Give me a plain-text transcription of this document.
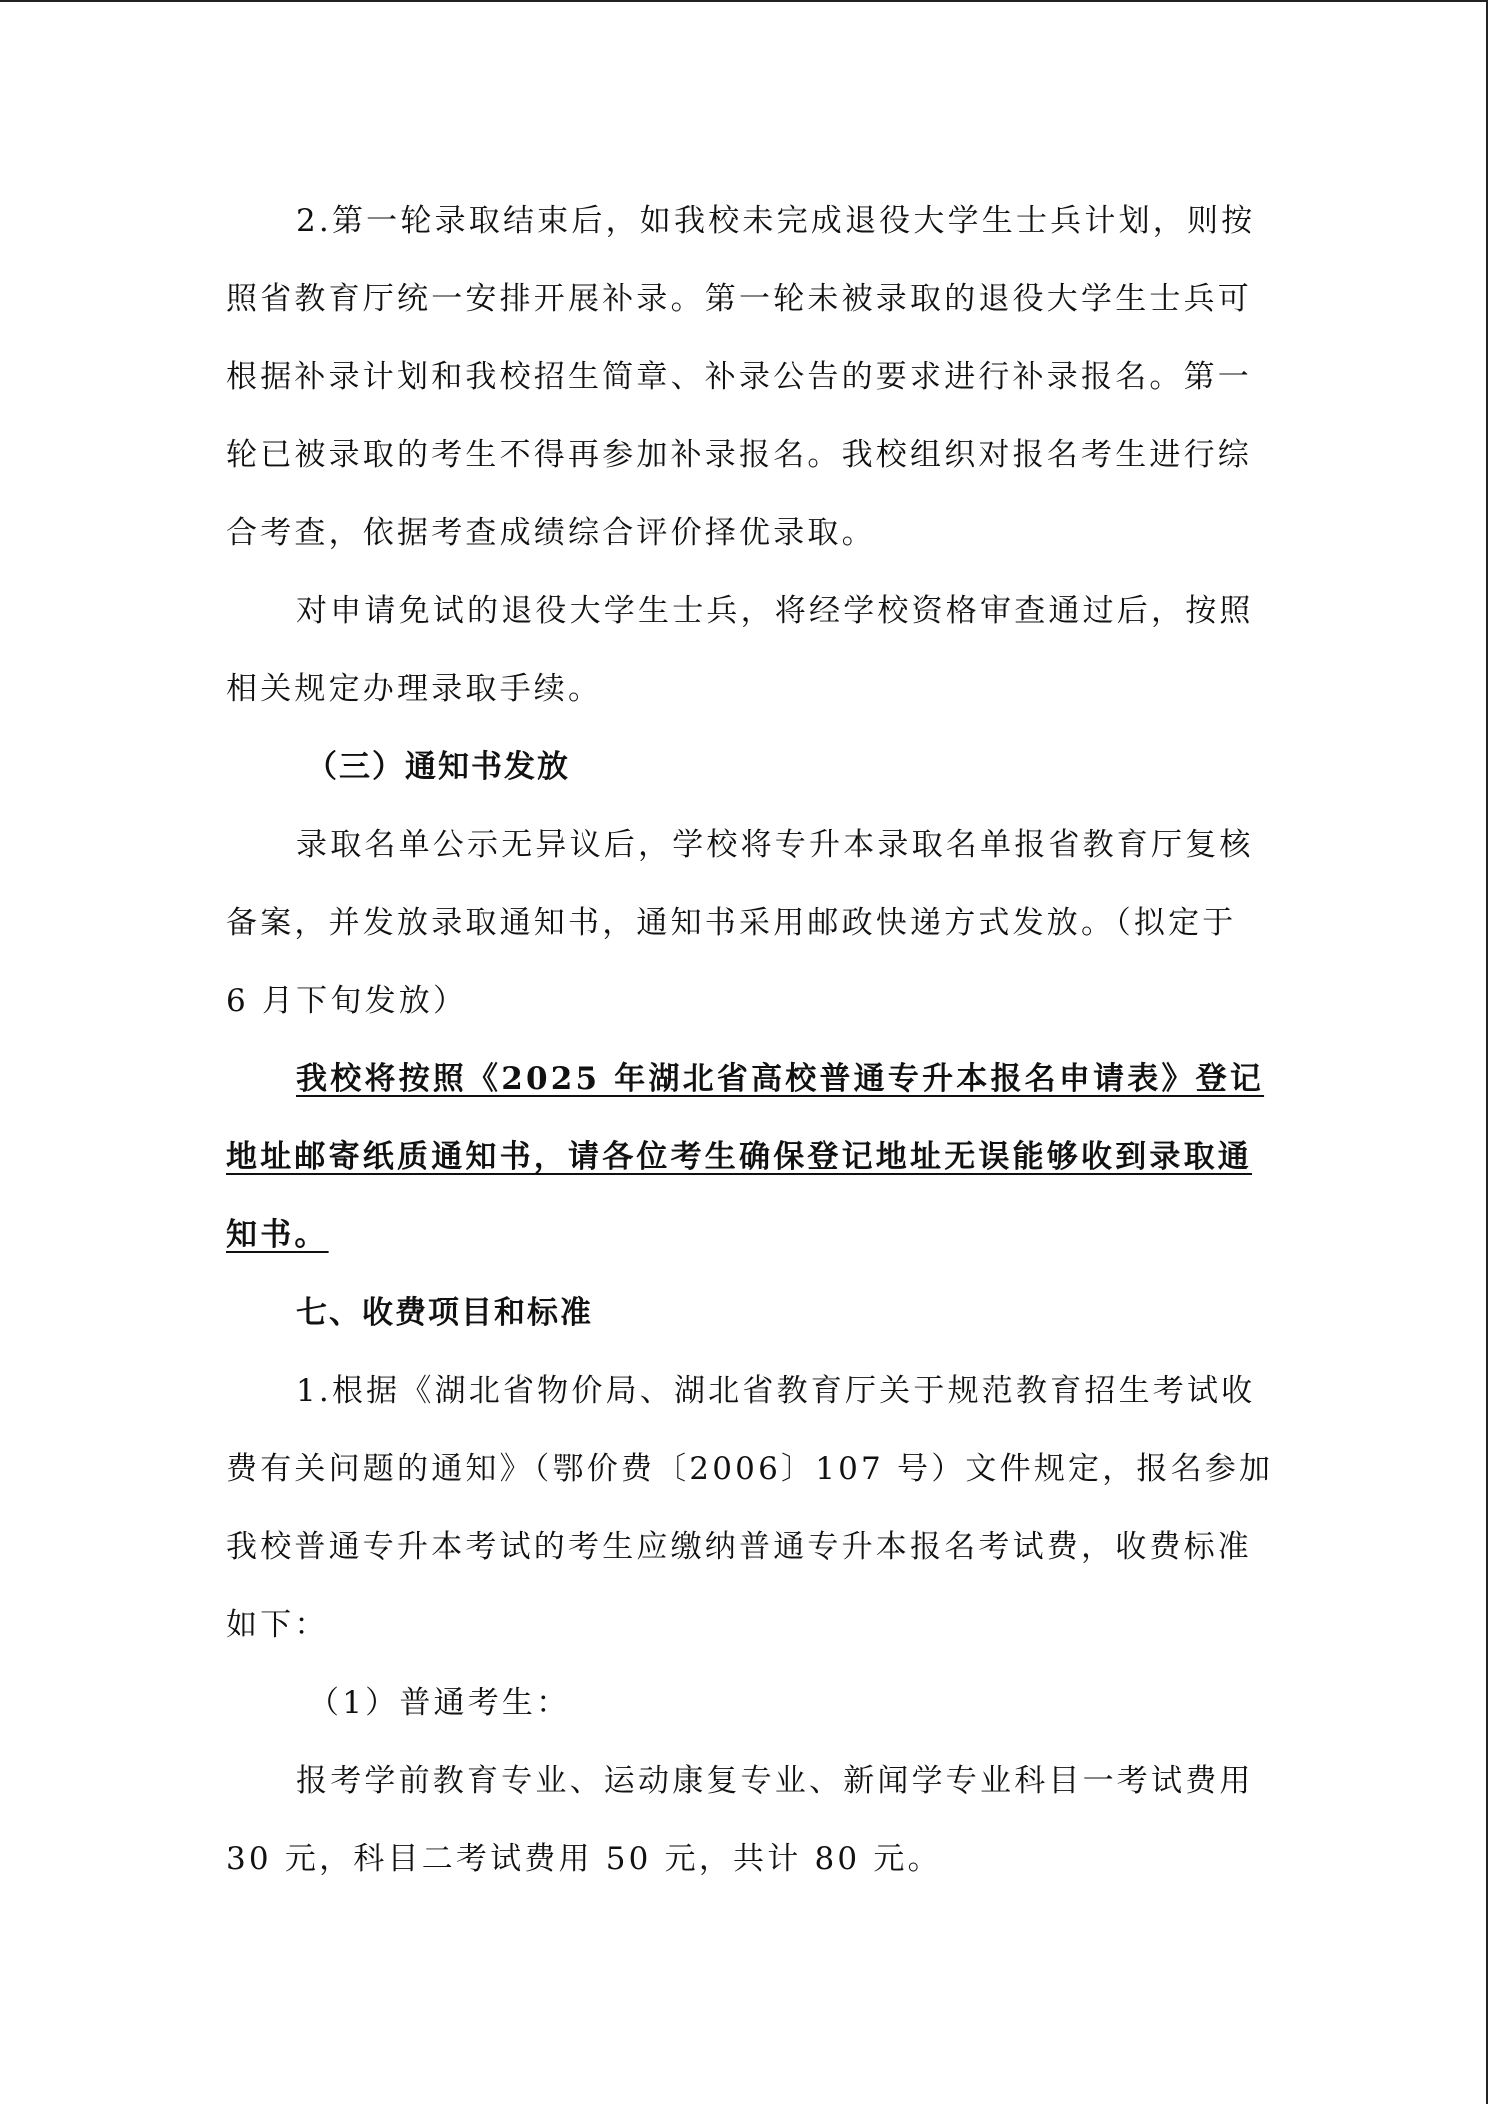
2.第一轮录取结束后，如我校未完成退役大学生士兵计划，则按
照省教育厅统一安排开展补录。第一轮未被录取的退役大学生士兵可
根据补录计划和我校招生简章、补录公告的要求进行补录报名。第一
轮已被录取的考生不得再参加补录报名。我校组织对报名考生进行综
合考查，依据考查成绩综合评价择优录取。
对申请免试的退役大学生士兵，将经学校资格审查通过后，按照
相关规定办理录取手续。
（三）通知书发放
录取名单公示无异议后，学校将专升本录取名单报省教育厅复核
备案，并发放录取通知书，通知书采用邮政快递方式发放。（拟定于
6 月下旬发放）
我校将按照《2025 年湖北省高校普通专升本报名申请表》登记
地址邮寄纸质通知书，请各位考生确保登记地址无误能够收到录取通
知书。
七、收费项目和标准
1.根据《湖北省物价局、湖北省教育厅关于规范教育招生考试收
费有关问题的通知》（鄂价费〔2006〕107 号）文件规定，报名参加
我校普通专升本考试的考生应缴纳普通专升本报名考试费，收费标准
如下：
（1）普通考生：
报考学前教育专业、运动康复专业、新闻学专业科目一考试费用
30 元，科目二考试费用 50 元，共计 80 元。
